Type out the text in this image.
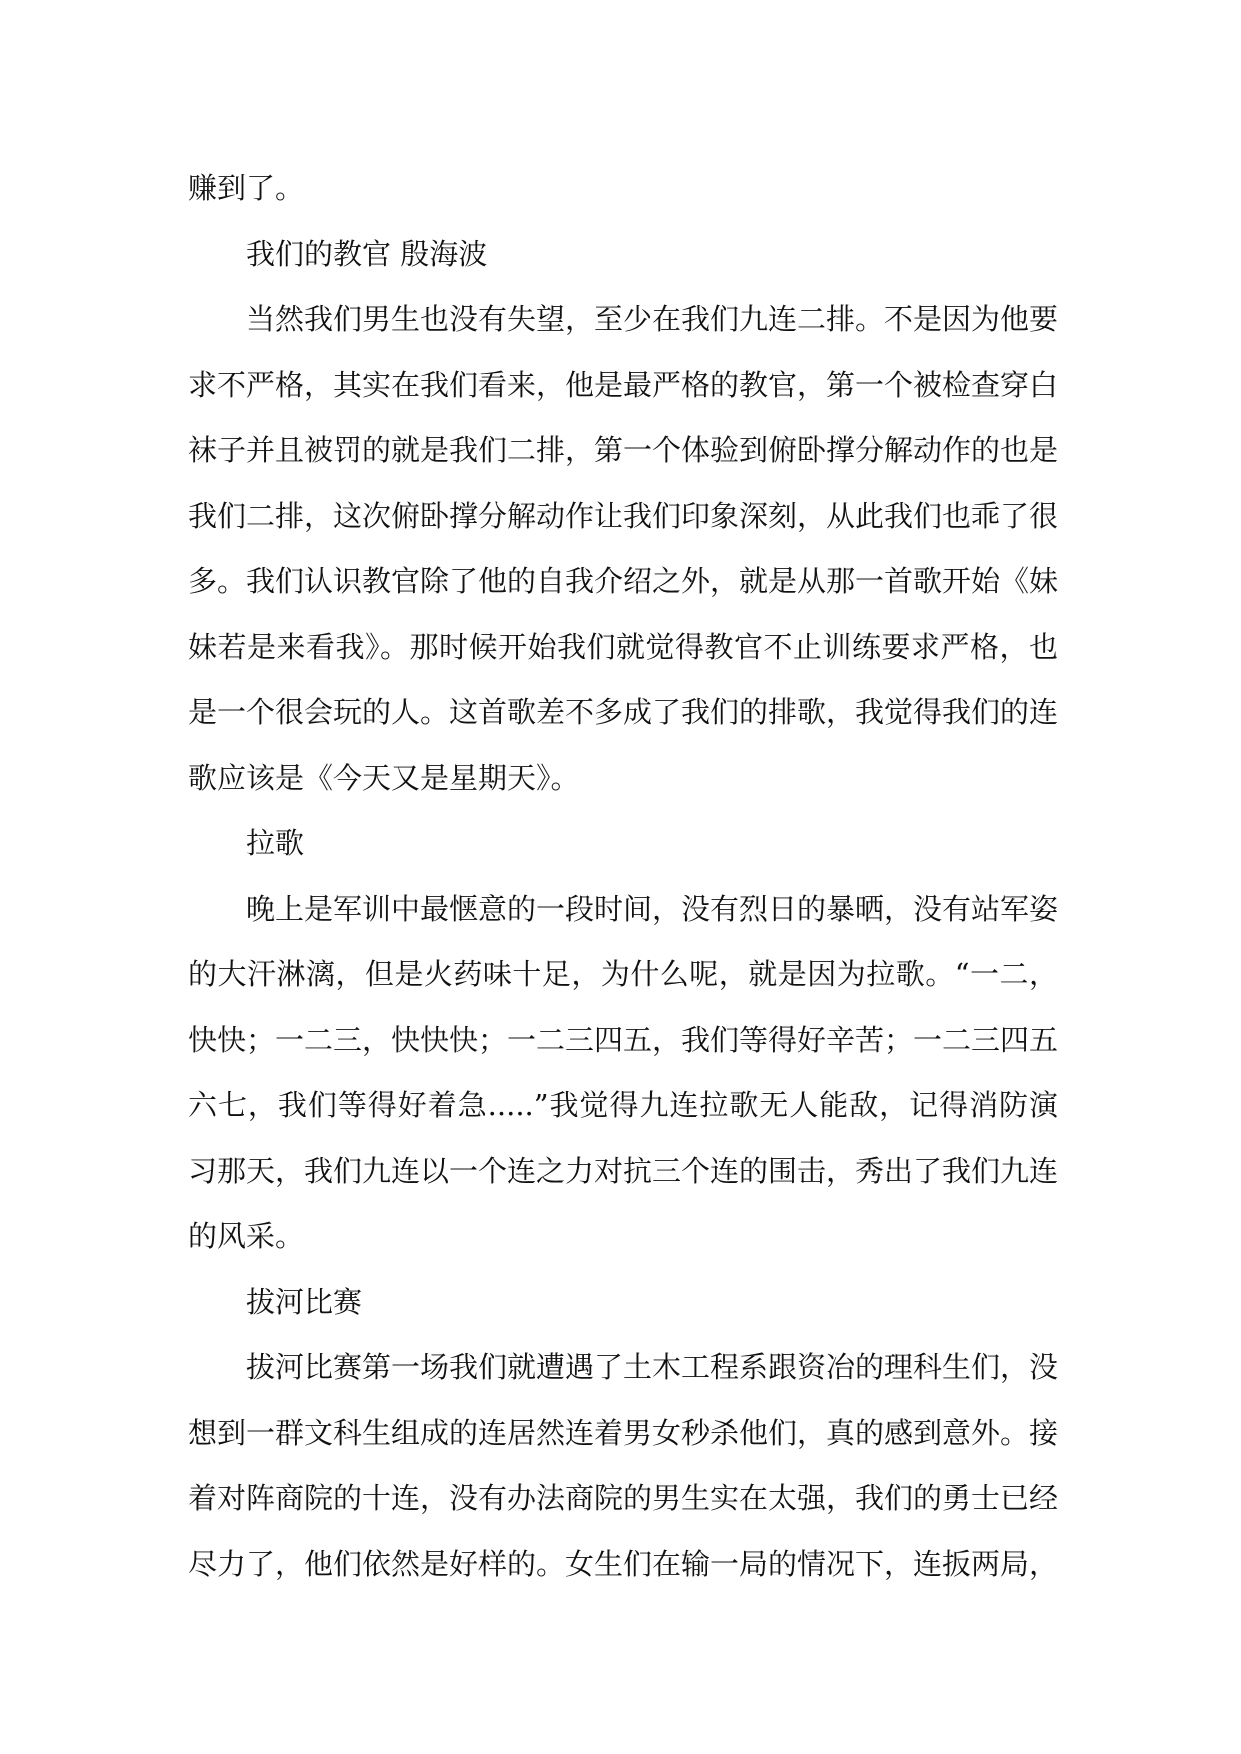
赚到了。

我们的教官 殷海波

当然我们男生也没有失望，至少在我们九连二排。不是因为他要求不严格，其实在我们看来，他是最严格的教官，第一个被检查穿白袜子并且被罚的就是我们二排，第一个体验到俯卧撑分解动作的也是我们二排，这次俯卧撑分解动作让我们印象深刻，从此我们也乖了很多。我们认识教官除了他的自我介绍之外，就是从那一首歌开始《妹妹若是来看我》。那时候开始我们就觉得教官不止训练要求严格，也是一个很会玩的人。这首歌差不多成了我们的排歌，我觉得我们的连歌应该是《今天又是星期天》。

拉歌

晚上是军训中最惬意的一段时间，没有烈日的暴晒，没有站军姿的大汗淋漓，但是火药味十足，为什么呢，就是因为拉歌。“一二，快快；一二三，快快快；一二三四五，我们等得好辛苦；一二三四五六七，我们等得好着急.....”我觉得九连拉歌无人能敌，记得消防演习那天，我们九连以一个连之力对抗三个连的围击，秀出了我们九连的风采。

拔河比赛

拔河比赛第一场我们就遭遇了土木工程系跟资冶的理科生们，没想到一群文科生组成的连居然连着男女秒杀他们，真的感到意外。接着对阵商院的十连，没有办法商院的男生实在太强，我们的勇士已经尽力了，他们依然是好样的。女生们在输一局的情况下，连扳两局，
